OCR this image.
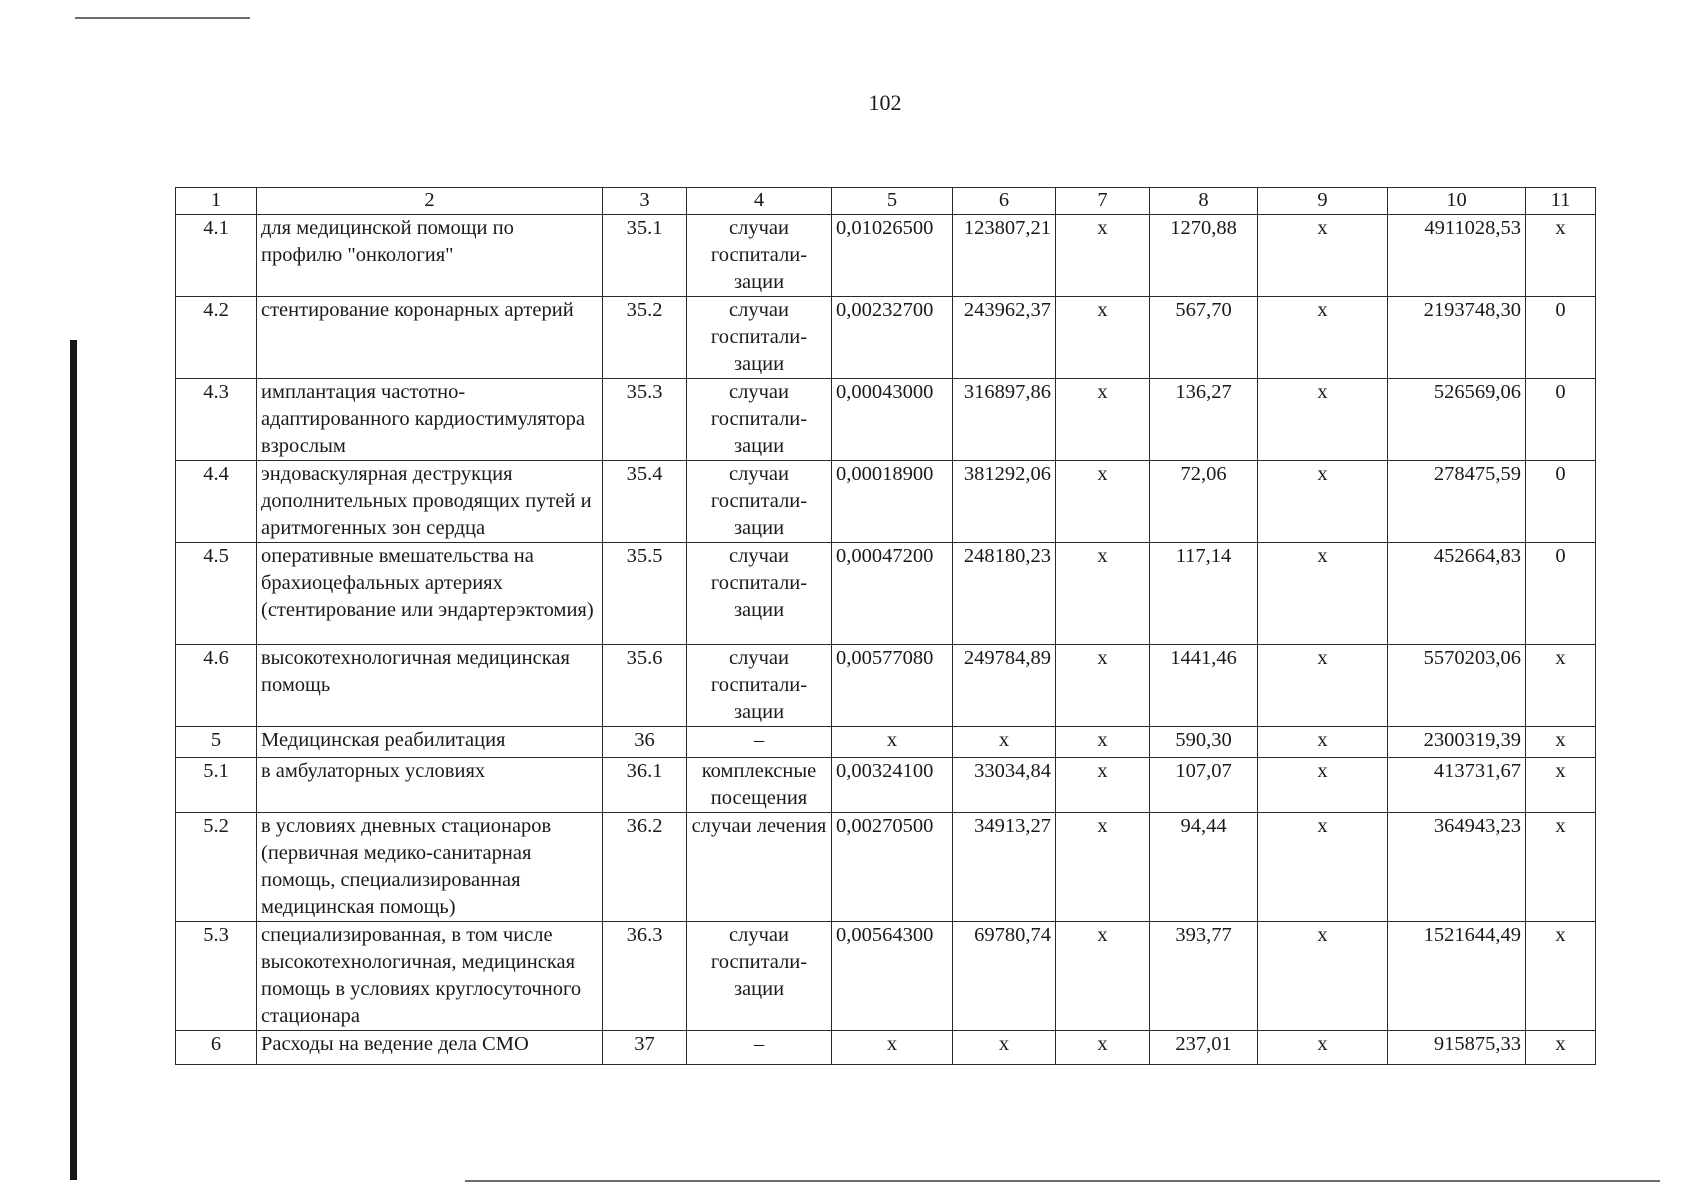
102
1	2	3	4	5	6	7	8	9	10	11
4.1	для медицинской помощи по профилю "онкология"	35.1	случаи госпитали-зации	0,01026500	123807,21	x	1270,88	x	4911028,53	x
4.2	стентирование коронарных артерий	35.2	случаи госпитали-зации	0,00232700	243962,37	x	567,70	x	2193748,30	0
4.3	имплантация частотно-адаптированного кардиостимулятора взрослым	35.3	случаи госпитали-зации	0,00043000	316897,86	x	136,27	x	526569,06	0
4.4	эндоваскулярная деструкция дополнительных проводящих путей и аритмогенных зон сердца	35.4	случаи госпитали-зации	0,00018900	381292,06	x	72,06	x	278475,59	0
4.5	оперативные вмешательства на брахиоцефальных артериях (стентирование или эндартерэктомия)	35.5	случаи госпитали-зации	0,00047200	248180,23	x	117,14	x	452664,83	0
4.6	высокотехнологичная медицинская помощь	35.6	случаи госпитали-зации	0,00577080	249784,89	x	1441,46	x	5570203,06	x
5	Медицинская реабилитация	36	–	x	x	x	590,30	x	2300319,39	x
5.1	в амбулаторных условиях	36.1	комплексные посещения	0,00324100	33034,84	x	107,07	x	413731,67	x
5.2	в условиях дневных стационаров (первичная медико-санитарная помощь, специализированная медицинская помощь)	36.2	случаи лечения	0,00270500	34913,27	x	94,44	x	364943,23	x
5.3	специализированная, в том числе высокотехнологичная, медицинская помощь в условиях круглосуточного стационара	36.3	случаи госпитали-зации	0,00564300	69780,74	x	393,77	x	1521644,49	x
6	Расходы на ведение дела СМО	37	–	x	x	x	237,01	x	915875,33	x
